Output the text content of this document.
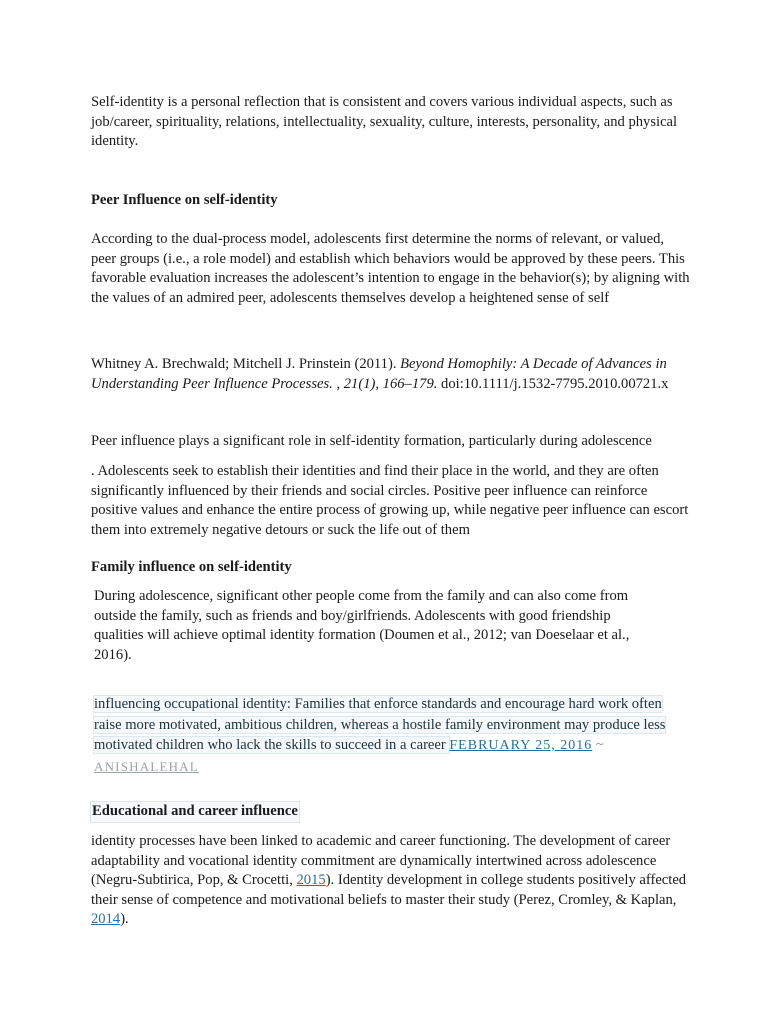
Self-identity is a personal reflection that is consistent and covers various individual aspects, such as job/career, spirituality, relations, intellectuality, sexuality, culture, interests, personality, and physical identity.

Peer Influence on self-identity

According to the dual-process model, adolescents first determine the norms of relevant, or valued, peer groups (i.e., a role model) and establish which behaviors would be approved by these peers. This favorable evaluation increases the adolescent’s intention to engage in the behavior(s); by aligning with the values of an admired peer, adolescents themselves develop a heightened sense of self

Whitney A. Brechwald; Mitchell J. Prinstein (2011). Beyond Homophily: A Decade of Advances in Understanding Peer Influence Processes. , 21(1), 166–179. doi:10.1111/j.1532-7795.2010.00721.x

Peer influence plays a significant role in self-identity formation, particularly during adolescence

. Adolescents seek to establish their identities and find their place in the world, and they are often significantly influenced by their friends and social circles. Positive peer influence can reinforce positive values and enhance the entire process of growing up, while negative peer influence can escort them into extremely negative detours or suck the life out of them

Family influence on self-identity

During adolescence, significant other people come from the family and can also come from outside the family, such as friends and boy/girlfriends. Adolescents with good friendship qualities will achieve optimal identity formation (Doumen et al., 2012; van Doeselaar et al., 2016).

influencing occupational identity: Families that enforce standards and encourage hard work often raise more motivated, ambitious children, whereas a hostile family environment may produce less motivated children who lack the skills to succeed in a career FEBRUARY 25, 2016 ~ ANISHALEHAL

Educational and career influence

identity processes have been linked to academic and career functioning. The development of career adaptability and vocational identity commitment are dynamically intertwined across adolescence (Negru-Subtirica, Pop, & Crocetti, 2015). Identity development in college students positively affected their sense of competence and motivational beliefs to master their study (Perez, Cromley, & Kaplan, 2014).
